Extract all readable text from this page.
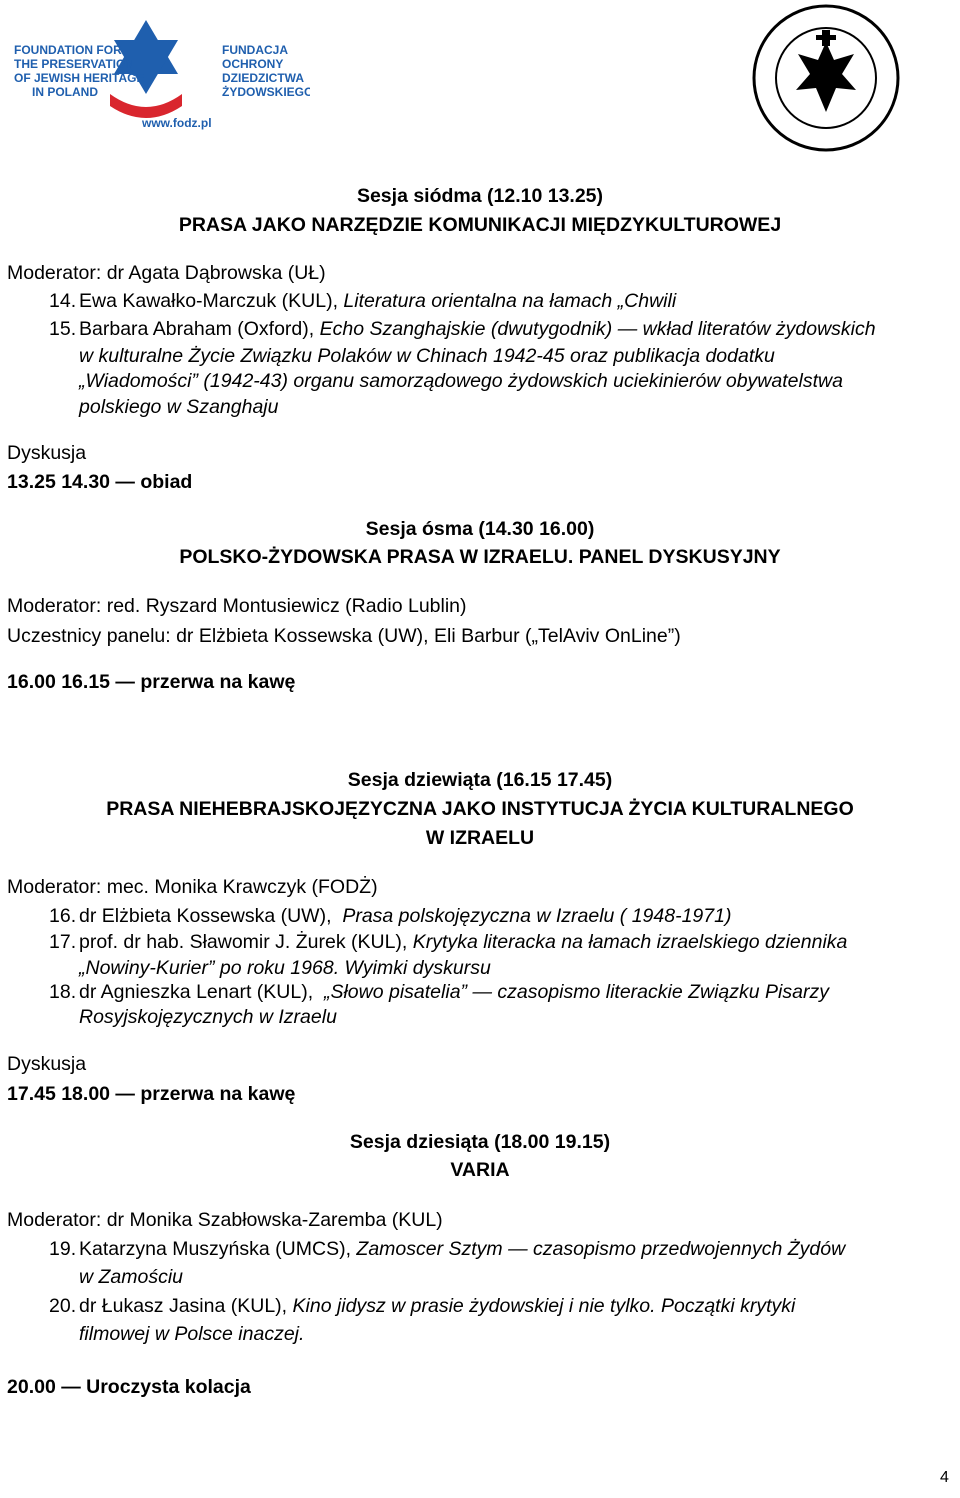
FOUNDATION FOR
THE PRESERVATION
OF JEWISH HERITAGE
IN POLAND
FUNDACJA
OCHRONY
DZIEDZICTWA
ŻYDOWSKIEGO
www.fodz.pl
Sesja siódma (12.10 13.25)
PRASA JAKO NARZĘDZIE KOMUNIKACJI MIĘDZYKULTUROWEJ
Moderator: dr Agata Dąbrowska (UŁ)
14. Ewa Kawałko-Marczuk (KUL), Literatura orientalna na łamach „Chwili
15. Barbara Abraham (Oxford), Echo Szanghajskie (dwutygodnik) — wkład literatów żydowskich
w kulturalne Życie Związku Polaków w Chinach 1942-45 oraz publikacja dodatku
„Wiadomości” (1942-43) organu samorządowego żydowskich uciekinierów obywatelstwa
polskiego w Szanghaju
Dyskusja
13.25 14.30 — obiad
Sesja ósma (14.30 16.00)
POLSKO-ŻYDOWSKA PRASA W IZRAELU. PANEL DYSKUSYJNY
Moderator: red. Ryszard Montusiewicz (Radio Lublin)
Uczestnicy panelu: dr Elżbieta Kossewska (UW), Eli Barbur („TelAviv OnLine”)
16.00 16.15 — przerwa na kawę
Sesja dziewiąta (16.15 17.45)
PRASA NIEHEBRAJSKOJĘZYCZNA JAKO INSTYTUCJA ŻYCIA KULTURALNEGO
W IZRAELU
Moderator: mec. Monika Krawczyk (FODŻ)
16. dr Elżbieta Kossewska (UW), Prasa polskojęzyczna w Izraelu ( 1948-1971)
17. prof. dr hab. Sławomir J. Żurek (KUL), Krytyka literacka na łamach izraelskiego dziennika
„Nowiny-Kurier” po roku 1968. Wyimki dyskursu
18. dr Agnieszka Lenart (KUL), „Słowo pisatelia” — czasopismo literackie Związku Pisarzy
Rosyjskojęzycznych w Izraelu
Dyskusja
17.45 18.00 — przerwa na kawę
Sesja dziesiąta (18.00 19.15)
VARIA
Moderator: dr Monika Szabłowska-Zaremba (KUL)
19. Katarzyna Muszyńska (UMCS), Zamoscer Sztym — czasopismo przedwojennych Żydów
w Zamościu
20. dr Łukasz Jasina (KUL), Kino jidysz w prasie żydowskiej i nie tylko. Początki krytyki
filmowej w Polsce inaczej.
20.00 — Uroczysta kolacja
4
